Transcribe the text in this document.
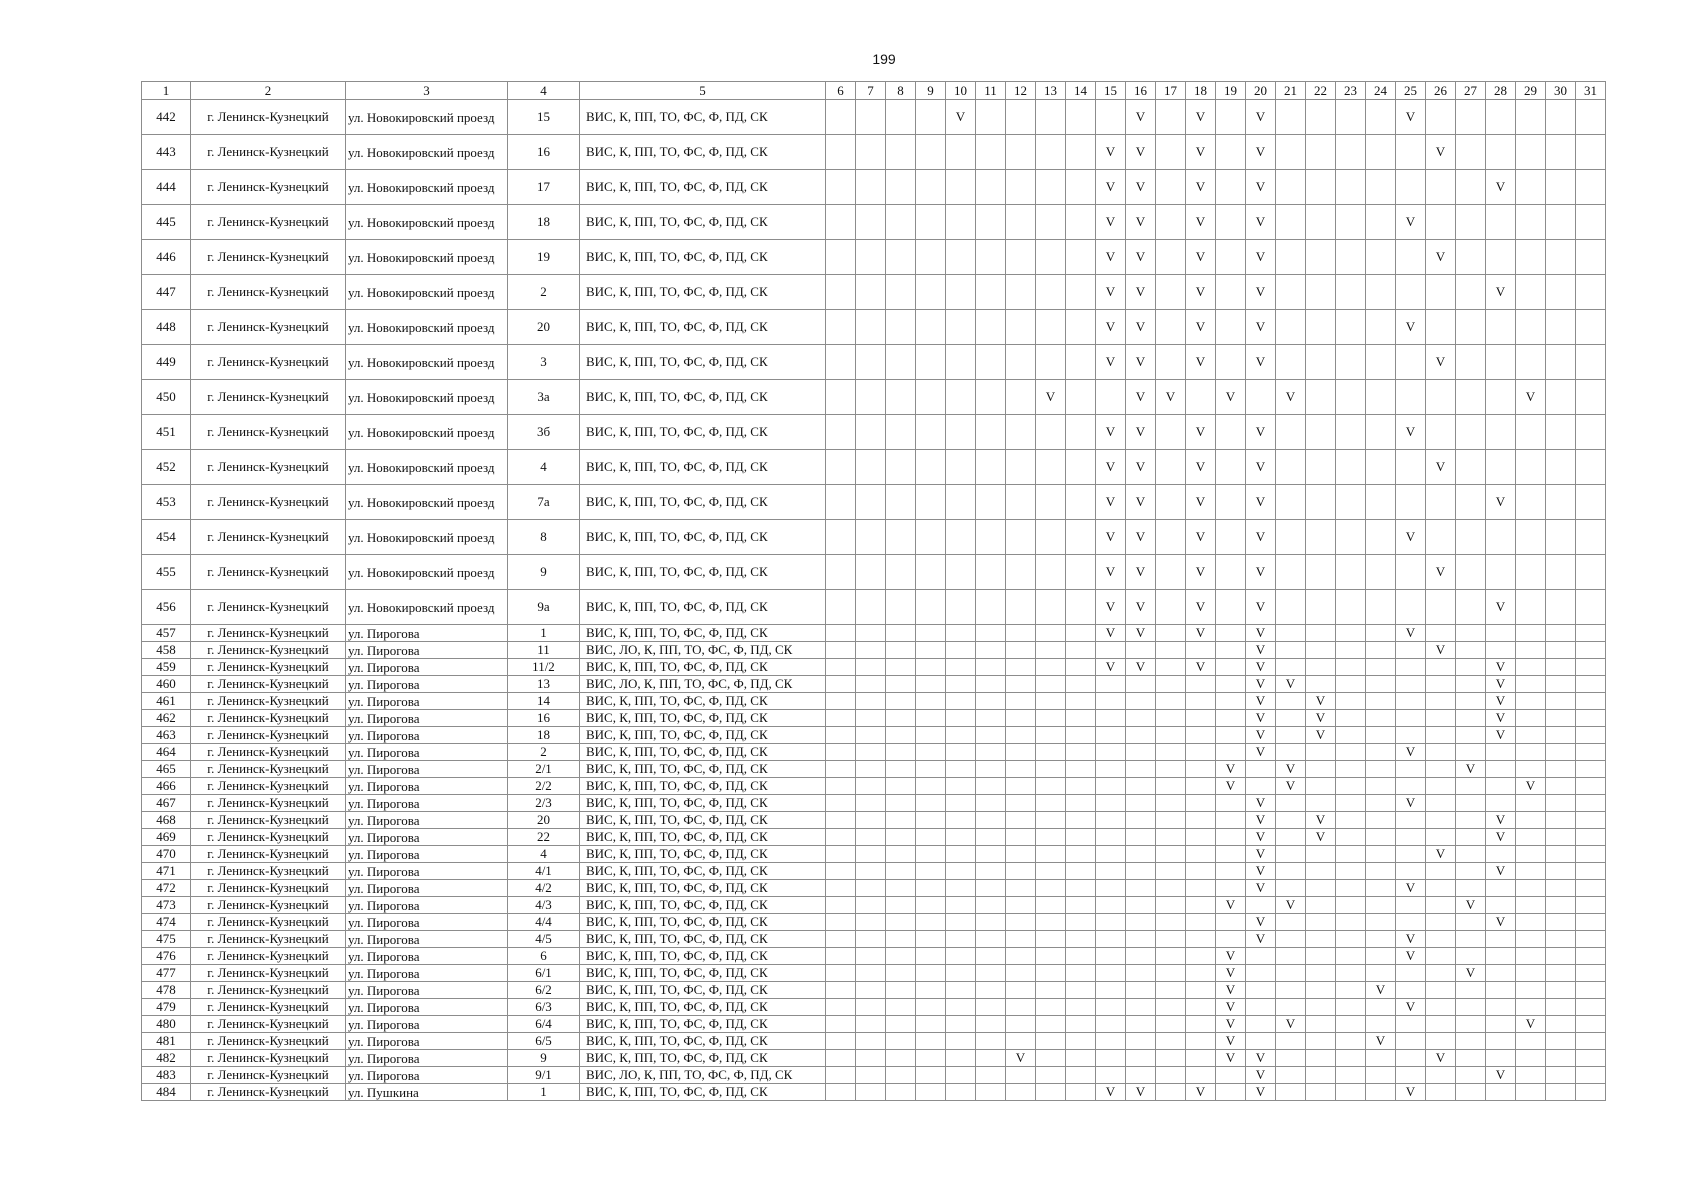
199
1	2	3	4	5	6	7	8	9	10	11	12	13	14	15	16	17	18	19	20	21	22	23	24	25	26	27	28	29	30	31
442	г. Ленинск-Кузнецкий	ул. Новокировский проезд	15	ВИС, К, ПП, ТО, ФС, Ф, ПД, СК					V						V		V		V					V						
443	г. Ленинск-Кузнецкий	ул. Новокировский проезд	16	ВИС, К, ПП, ТО, ФС, Ф, ПД, СК										V	V		V		V						V					
444	г. Ленинск-Кузнецкий	ул. Новокировский проезд	17	ВИС, К, ПП, ТО, ФС, Ф, ПД, СК										V	V		V		V								V			
445	г. Ленинск-Кузнецкий	ул. Новокировский проезд	18	ВИС, К, ПП, ТО, ФС, Ф, ПД, СК										V	V		V		V					V						
446	г. Ленинск-Кузнецкий	ул. Новокировский проезд	19	ВИС, К, ПП, ТО, ФС, Ф, ПД, СК										V	V		V		V						V					
447	г. Ленинск-Кузнецкий	ул. Новокировский проезд	2	ВИС, К, ПП, ТО, ФС, Ф, ПД, СК										V	V		V		V								V			
448	г. Ленинск-Кузнецкий	ул. Новокировский проезд	20	ВИС, К, ПП, ТО, ФС, Ф, ПД, СК										V	V		V		V					V						
449	г. Ленинск-Кузнецкий	ул. Новокировский проезд	3	ВИС, К, ПП, ТО, ФС, Ф, ПД, СК										V	V		V		V						V					
450	г. Ленинск-Кузнецкий	ул. Новокировский проезд	3а	ВИС, К, ПП, ТО, ФС, Ф, ПД, СК								V			V	V		V		V								V		
451	г. Ленинск-Кузнецкий	ул. Новокировский проезд	3б	ВИС, К, ПП, ТО, ФС, Ф, ПД, СК										V	V		V		V					V						
452	г. Ленинск-Кузнецкий	ул. Новокировский проезд	4	ВИС, К, ПП, ТО, ФС, Ф, ПД, СК										V	V		V		V						V					
453	г. Ленинск-Кузнецкий	ул. Новокировский проезд	7а	ВИС, К, ПП, ТО, ФС, Ф, ПД, СК										V	V		V		V								V			
454	г. Ленинск-Кузнецкий	ул. Новокировский проезд	8	ВИС, К, ПП, ТО, ФС, Ф, ПД, СК										V	V		V		V					V						
455	г. Ленинск-Кузнецкий	ул. Новокировский проезд	9	ВИС, К, ПП, ТО, ФС, Ф, ПД, СК										V	V		V		V						V					
456	г. Ленинск-Кузнецкий	ул. Новокировский проезд	9а	ВИС, К, ПП, ТО, ФС, Ф, ПД, СК										V	V		V		V								V			
457	г. Ленинск-Кузнецкий	ул. Пирогова	1	ВИС, К, ПП, ТО, ФС, Ф, ПД, СК										V	V		V		V					V						
458	г. Ленинск-Кузнецкий	ул. Пирогова	11	ВИС, ЛО, К, ПП, ТО, ФС, Ф, ПД, СК															V						V					
459	г. Ленинск-Кузнецкий	ул. Пирогова	11/2	ВИС, К, ПП, ТО, ФС, Ф, ПД, СК										V	V		V		V								V			
460	г. Ленинск-Кузнецкий	ул. Пирогова	13	ВИС, ЛО, К, ПП, ТО, ФС, Ф, ПД, СК															V	V							V			
461	г. Ленинск-Кузнецкий	ул. Пирогова	14	ВИС, К, ПП, ТО, ФС, Ф, ПД, СК															V		V						V			
462	г. Ленинск-Кузнецкий	ул. Пирогова	16	ВИС, К, ПП, ТО, ФС, Ф, ПД, СК															V		V						V			
463	г. Ленинск-Кузнецкий	ул. Пирогова	18	ВИС, К, ПП, ТО, ФС, Ф, ПД, СК															V		V						V			
464	г. Ленинск-Кузнецкий	ул. Пирогова	2	ВИС, К, ПП, ТО, ФС, Ф, ПД, СК															V					V						
465	г. Ленинск-Кузнецкий	ул. Пирогова	2/1	ВИС, К, ПП, ТО, ФС, Ф, ПД, СК														V		V						V				
466	г. Ленинск-Кузнецкий	ул. Пирогова	2/2	ВИС, К, ПП, ТО, ФС, Ф, ПД, СК														V		V								V		
467	г. Ленинск-Кузнецкий	ул. Пирогова	2/3	ВИС, К, ПП, ТО, ФС, Ф, ПД, СК															V					V						
468	г. Ленинск-Кузнецкий	ул. Пирогова	20	ВИС, К, ПП, ТО, ФС, Ф, ПД, СК															V		V						V			
469	г. Ленинск-Кузнецкий	ул. Пирогова	22	ВИС, К, ПП, ТО, ФС, Ф, ПД, СК															V		V						V			
470	г. Ленинск-Кузнецкий	ул. Пирогова	4	ВИС, К, ПП, ТО, ФС, Ф, ПД, СК															V						V					
471	г. Ленинск-Кузнецкий	ул. Пирогова	4/1	ВИС, К, ПП, ТО, ФС, Ф, ПД, СК															V								V			
472	г. Ленинск-Кузнецкий	ул. Пирогова	4/2	ВИС, К, ПП, ТО, ФС, Ф, ПД, СК															V					V						
473	г. Ленинск-Кузнецкий	ул. Пирогова	4/3	ВИС, К, ПП, ТО, ФС, Ф, ПД, СК														V		V						V				
474	г. Ленинск-Кузнецкий	ул. Пирогова	4/4	ВИС, К, ПП, ТО, ФС, Ф, ПД, СК															V								V			
475	г. Ленинск-Кузнецкий	ул. Пирогова	4/5	ВИС, К, ПП, ТО, ФС, Ф, ПД, СК															V					V						
476	г. Ленинск-Кузнецкий	ул. Пирогова	6	ВИС, К, ПП, ТО, ФС, Ф, ПД, СК														V						V						
477	г. Ленинск-Кузнецкий	ул. Пирогова	6/1	ВИС, К, ПП, ТО, ФС, Ф, ПД, СК														V								V				
478	г. Ленинск-Кузнецкий	ул. Пирогова	6/2	ВИС, К, ПП, ТО, ФС, Ф, ПД, СК														V					V							
479	г. Ленинск-Кузнецкий	ул. Пирогова	6/3	ВИС, К, ПП, ТО, ФС, Ф, ПД, СК														V						V						
480	г. Ленинск-Кузнецкий	ул. Пирогова	6/4	ВИС, К, ПП, ТО, ФС, Ф, ПД, СК														V		V								V		
481	г. Ленинск-Кузнецкий	ул. Пирогова	6/5	ВИС, К, ПП, ТО, ФС, Ф, ПД, СК														V					V							
482	г. Ленинск-Кузнецкий	ул. Пирогова	9	ВИС, К, ПП, ТО, ФС, Ф, ПД, СК							V							V	V						V					
483	г. Ленинск-Кузнецкий	ул. Пирогова	9/1	ВИС, ЛО, К, ПП, ТО, ФС, Ф, ПД, СК															V								V			
484	г. Ленинск-Кузнецкий	ул. Пушкина	1	ВИС, К, ПП, ТО, ФС, Ф, ПД, СК										V	V		V		V					V						
